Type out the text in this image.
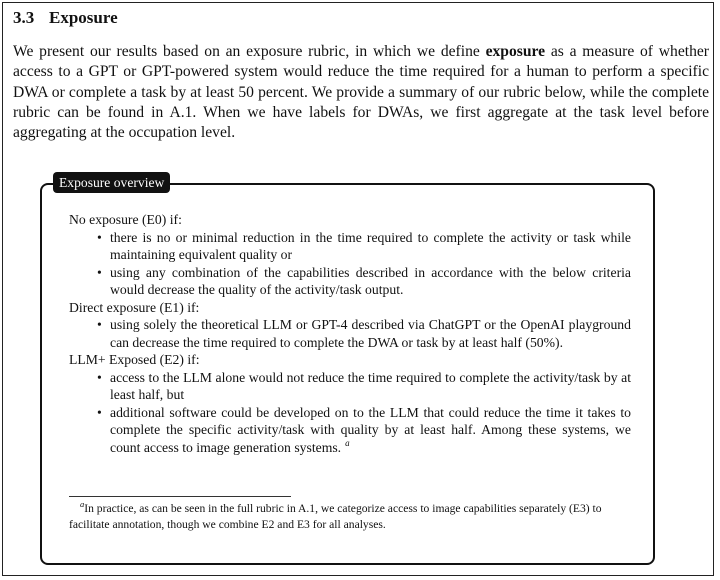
3.3 Exposure

We present our results based on an exposure rubric, in which we define exposure as a measure of whether access to a GPT or GPT-powered system would reduce the time required for a human to perform a specific DWA or complete a task by at least 50 percent. We provide a summary of our rubric below, while the complete rubric can be found in A.1. When we have labels for DWAs, we first aggregate at the task level before aggregating at the occupation level.

Exposure overview

No exposure (E0) if:

• there is no or minimal reduction in the time required to complete the activity or task while maintaining equivalent quality or
• using any combination of the capabilities described in accordance with the below criteria would decrease the quality of the activity/task output.

Direct exposure (E1) if:

• using solely the theoretical LLM or GPT-4 described via ChatGPT or the OpenAI playground can decrease the time required to complete the DWA or task by at least half (50%).

LLM+ Exposed (E2) if:

• access to the LLM alone would not reduce the time required to complete the activity/task by at least half, but
• additional software could be developed on to the LLM that could reduce the time it takes to complete the specific activity/task with quality by at least half. Among these systems, we count access to image generation systems. $^a$

$^a$In practice, as can be seen in the full rubric in A.1, we categorize access to image capabilities separately (E3) to facilitate annotation, though we combine E2 and E3 for all analyses.
